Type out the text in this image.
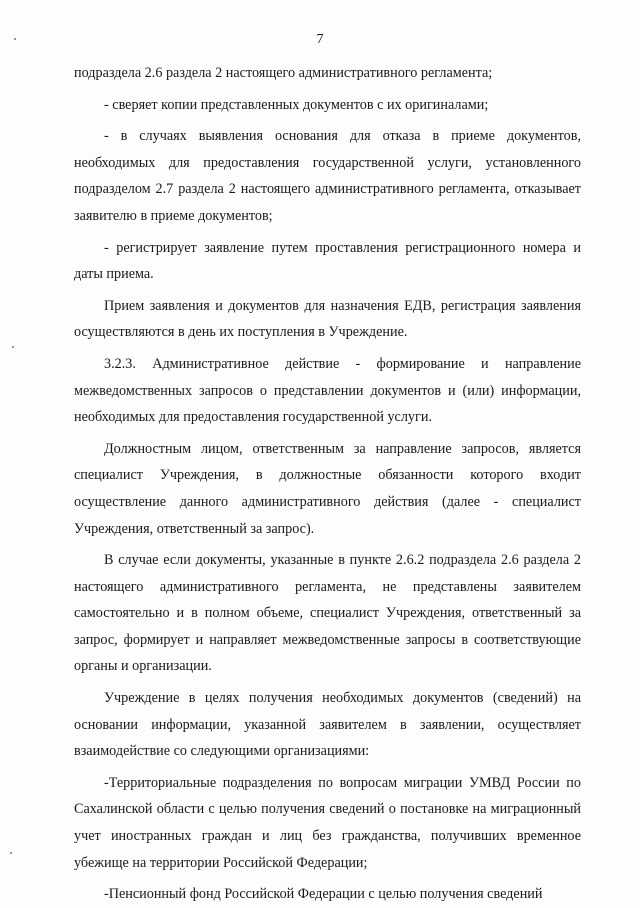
7

подраздела 2.6 раздела 2 настоящего административного регламента;

- сверяет копии представленных документов с их оригиналами;

- в случаях выявления основания для отказа в приеме документов, необходимых для предоставления государственной услуги, установленного подразделом 2.7 раздела 2 настоящего административного регламента, отказывает заявителю в приеме документов;

- регистрирует заявление путем проставления регистрационного номера и даты приема.

Прием заявления и документов для назначения ЕДВ, регистрация заявления осуществляются в день их поступления в Учреждение.

3.2.3. Административное действие - формирование и направление межведомственных запросов о представлении документов и (или) информации, необходимых для предоставления государственной услуги.

Должностным лицом, ответственным за направление запросов, является специалист Учреждения, в должностные обязанности которого входит осуществление данного административного действия (далее - специалист Учреждения, ответственный за запрос).

В случае если документы, указанные в пункте 2.6.2 подраздела 2.6 раздела 2 настоящего административного регламента, не представлены заявителем самостоятельно и в полном объеме, специалист Учреждения, ответственный за запрос, формирует и направляет межведомственные запросы в соответствующие органы и организации.

Учреждение в целях получения необходимых документов (сведений) на основании информации, указанной заявителем в заявлении, осуществляет взаимодействие со следующими организациями:

-Территориальные подразделения по вопросам миграции УМВД России по Сахалинской области с целью получения сведений о постановке на миграционный учет иностранных граждан и лиц без гражданства, получивших временное убежище на территории Российской Федерации;

-Пенсионный фонд Российской Федерации с целью получения сведений
